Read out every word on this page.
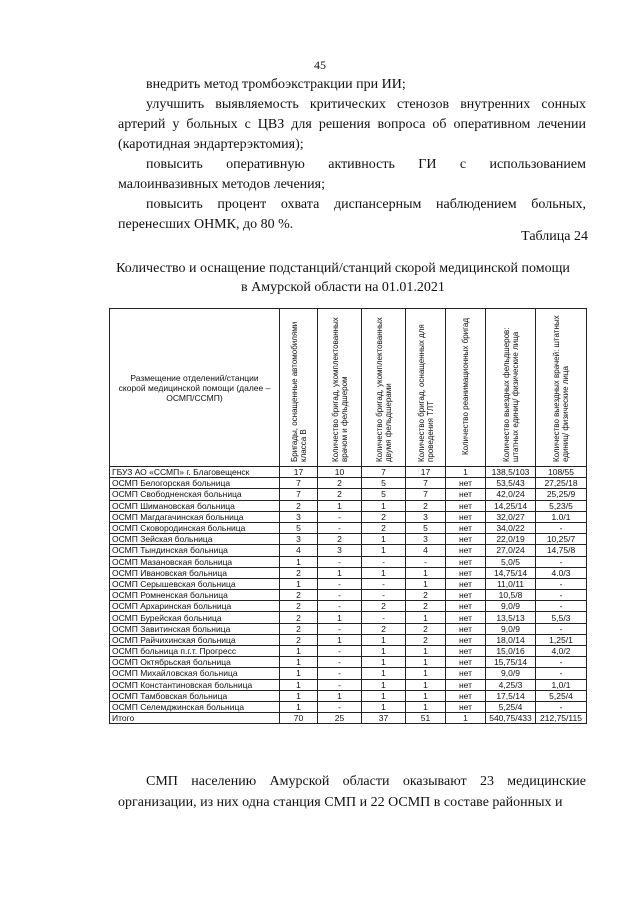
45

внедрить метод тромбоэкстракции при ИИ;

улучшить выявляемость критических стенозов внутренних сонных артерий у больных с ЦВЗ для решения вопроса об оперативном лечении (каротидная эндартерэктомия);

повысить оперативную активность ГИ с использованием

малоинвазивных методов лечения;

повысить процент охвата диспансерным наблюдением больных, перенесших ОНМК, до 80 %.

Таблица 24
Количество и оснащение подстанций/станций скорой медицинской помощи
в Амурской области на 01.01.2021
Размещение отделений/станции скорой медицинской помощи (далее – ОСМП/ССМП)	Бригады, оснащенные автомобилями класса В	Количество бригад, укомплектованных врачом и фельдшером	Количество бригад, укомплектованных двумя фельдшерами	Количество бригад, оснащенных для проведения ТЛТ	Количество реанимационных бригад	Количество выездных фельдшеров: штатных единиц/ физические лица	Количество выездных врачей: штатных единиц/ физические лица
ГБУЗ АО «ССМП» г. Благовещенск	17	10	7	17	1	138,5/103	108/55
ОСМП Белогорская больница	7	2	5	7	нет	53,5/43	27,25/18
ОСМП Свободненская больница	7	2	5	7	нет	42,0/24	25,25/9
ОСМП Шимановская больница	2	1	1	2	нет	14,25/14	5,23/5
ОСМП Магдагачинская больница	3	-	2	3	нет	32,0/27	1.0/1
ОСМП Сковородинская больница	5	-	2	5	нет	34,0/22	-
ОСМП Зейская больница	3	2	1	3	нет	22,0/19	10,25/7
ОСМП Тындинская больница	4	3	1	4	нет	27,0/24	14,75/8
ОСМП Мазановская больница	1	-	-	-	нет	5,0/5	-
ОСМП Ивановская больница	2	1	1	1	нет	14,75/14	4.0/3
ОСМП Серышевская больница	1	-	-	1	нет	11,0/11	-
ОСМП Ромненская больница	2	-	-	2	нет	10,5/8	-
ОСМП Архаринская больница	2	-	2	2	нет	9,0/9	-
ОСМП Бурейская больница	2	1	-	1	нет	13,5/13	5,5/3
ОСМП Завитинская больница	2	-	2	2	нет	9,0/9	-
ОСМП Райчихинская больница	2	1	1	2	нет	18,0/14	1,25/1
ОСМП больница п.г.т. Прогресс	1	-	1	1	нет	15,0/16	4,0/2
ОСМП Октябрьская больница	1	-	1	1	нет	15,75/14	-
ОСМП Михайловская больница	1	-	1	1	нет	9,0/9	-
ОСМП Константиновская больница	1	-	1	1	нет	4,25/3	1,0/1
ОСМП Тамбовская больница	1	1	1	1	нет	17,5/14	5,25/4
ОСМП Селемджинская больница	1	-	1	1	нет	5,25/4	-
Итого	70	25	37	51	1	540,75/433	212,75/115

СМП населению Амурской области оказывают 23 медицинские организации, из них одна станция СМП и 22 ОСМП в составе районных и
